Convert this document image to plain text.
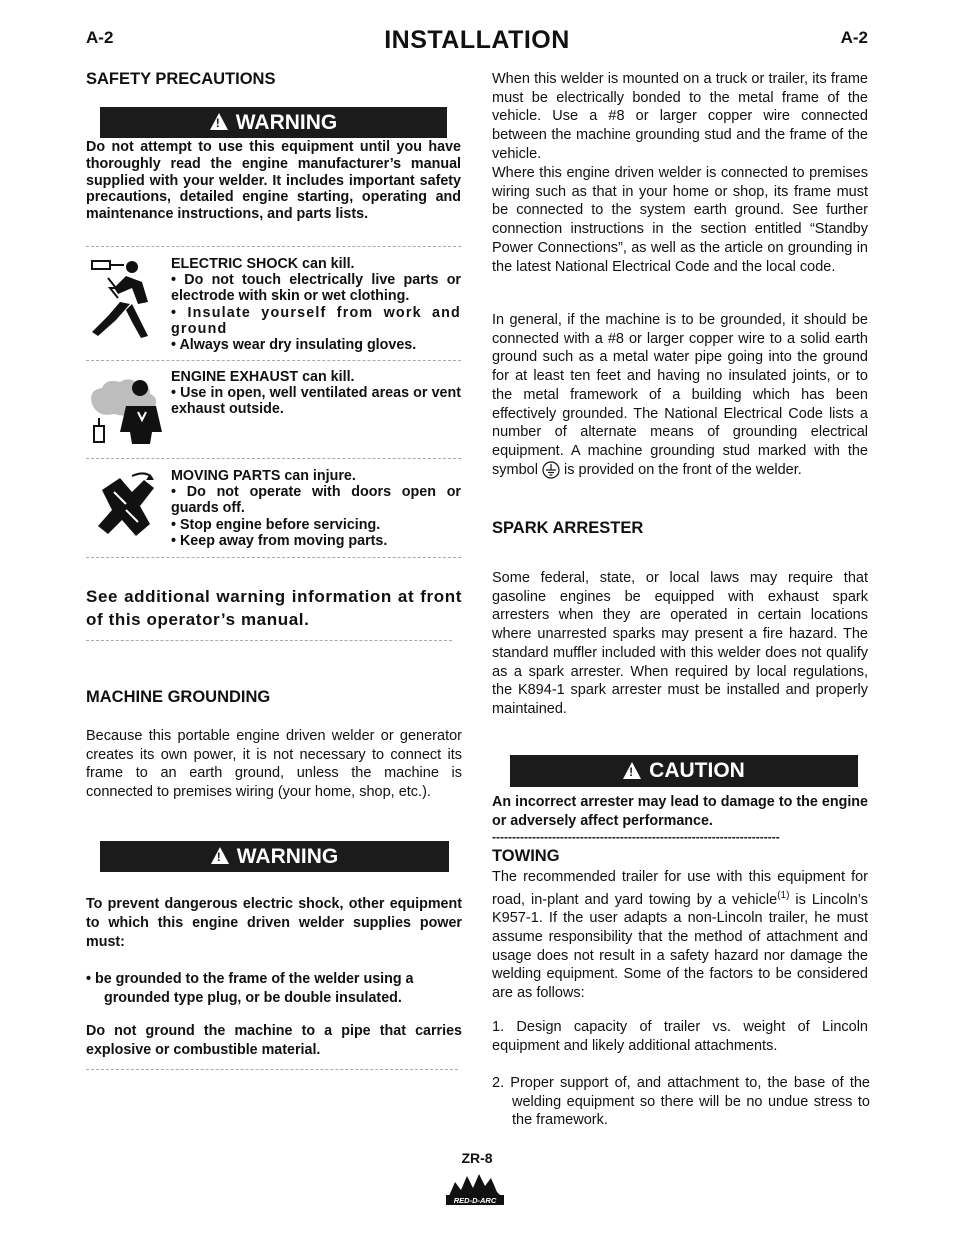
A-2	INSTALLATION	A-2
SAFETY PRECAUTIONS
!
WARNING

Do not attempt to use this equipment until you have thoroughly read the engine manufacturer’s manual supplied with your welder. It includes important safety precautions, detailed engine starting, operating and maintenance instructions, and parts lists.

ELECTRIC SHOCK can kill.

• Do not touch electrically live parts or electrode with skin or wet clothing.

• Insulate yourself from work and ground

• Always wear dry insulating gloves.

ENGINE EXHAUST can kill.

• Use in open, well ventilated areas or vent exhaust outside.

MOVING PARTS can injure.

• Do not operate with doors open or guards off.

• Stop engine before servicing.

• Keep away from moving parts.

See additional warning information at front of this operator’s manual.

MACHINE GROUNDING

Because this portable engine driven welder or generator creates its own power, it is not necessary to connect its frame to an earth ground, unless the machine is connected to premises wiring (your home, shop, etc.).

!
WARNING

To prevent dangerous electric shock, other equipment to which this engine driven welder supplies power must:

• be grounded to the frame of the welder using a grounded type plug, or be double insulated.

Do not ground the machine to a pipe that carries explosive or combustible material.

When this welder is mounted on a truck or trailer, its frame must be electrically bonded to the metal frame of the vehicle. Use a #8 or larger copper wire connected between the machine grounding stud and the frame of the vehicle.

Where this engine driven welder is connected to premises wiring such as that in your home or shop, its frame must be connected to the system earth ground. See further connection instructions in the section entitled “Standby Power Connections”, as well as the article on grounding in the latest National Electrical Code and the local code.

In general, if the machine is to be grounded, it should be connected with a #8 or larger copper wire to a solid earth ground such as a metal water pipe going into the ground for at least ten feet and having no insulated joints, or to the metal framework of a building which has been effectively grounded. The National Electrical Code lists a number of alternate means of grounding electrical equipment. A machine grounding stud marked with the symbol is provided on the front of the welder.

SPARK ARRESTER

Some federal, state, or local laws may require that gasoline engines be equipped with exhaust spark arresters when they are operated in certain locations where unarrested sparks may present a fire hazard. The standard muffler included with this welder does not qualify as a spark arrester. When required by local regulations, the K894-1 spark arrester must be installed and properly maintained.

!
CAUTION

An incorrect arrester may lead to damage to the engine or adversely affect performance.

------------------------------------------------------------------------
TOWING

The recommended trailer for use with this equipment for road, in-plant and yard towing by a vehicle$^{(1)}$ is Lincoln’s K957-1. If the user adapts a non-Lincoln trailer, he must assume responsibility that the method of attachment and usage does not result in a safety hazard nor damage the welding equipment. Some of the factors to be considered are as follows:

1. Design capacity of trailer vs. weight of Lincoln equipment and likely additional attachments.

2. Proper support of, and attachment to, the base of the welding equipment so there will be no undue stress to the framework.

ZR-8
RED-D-ARC
